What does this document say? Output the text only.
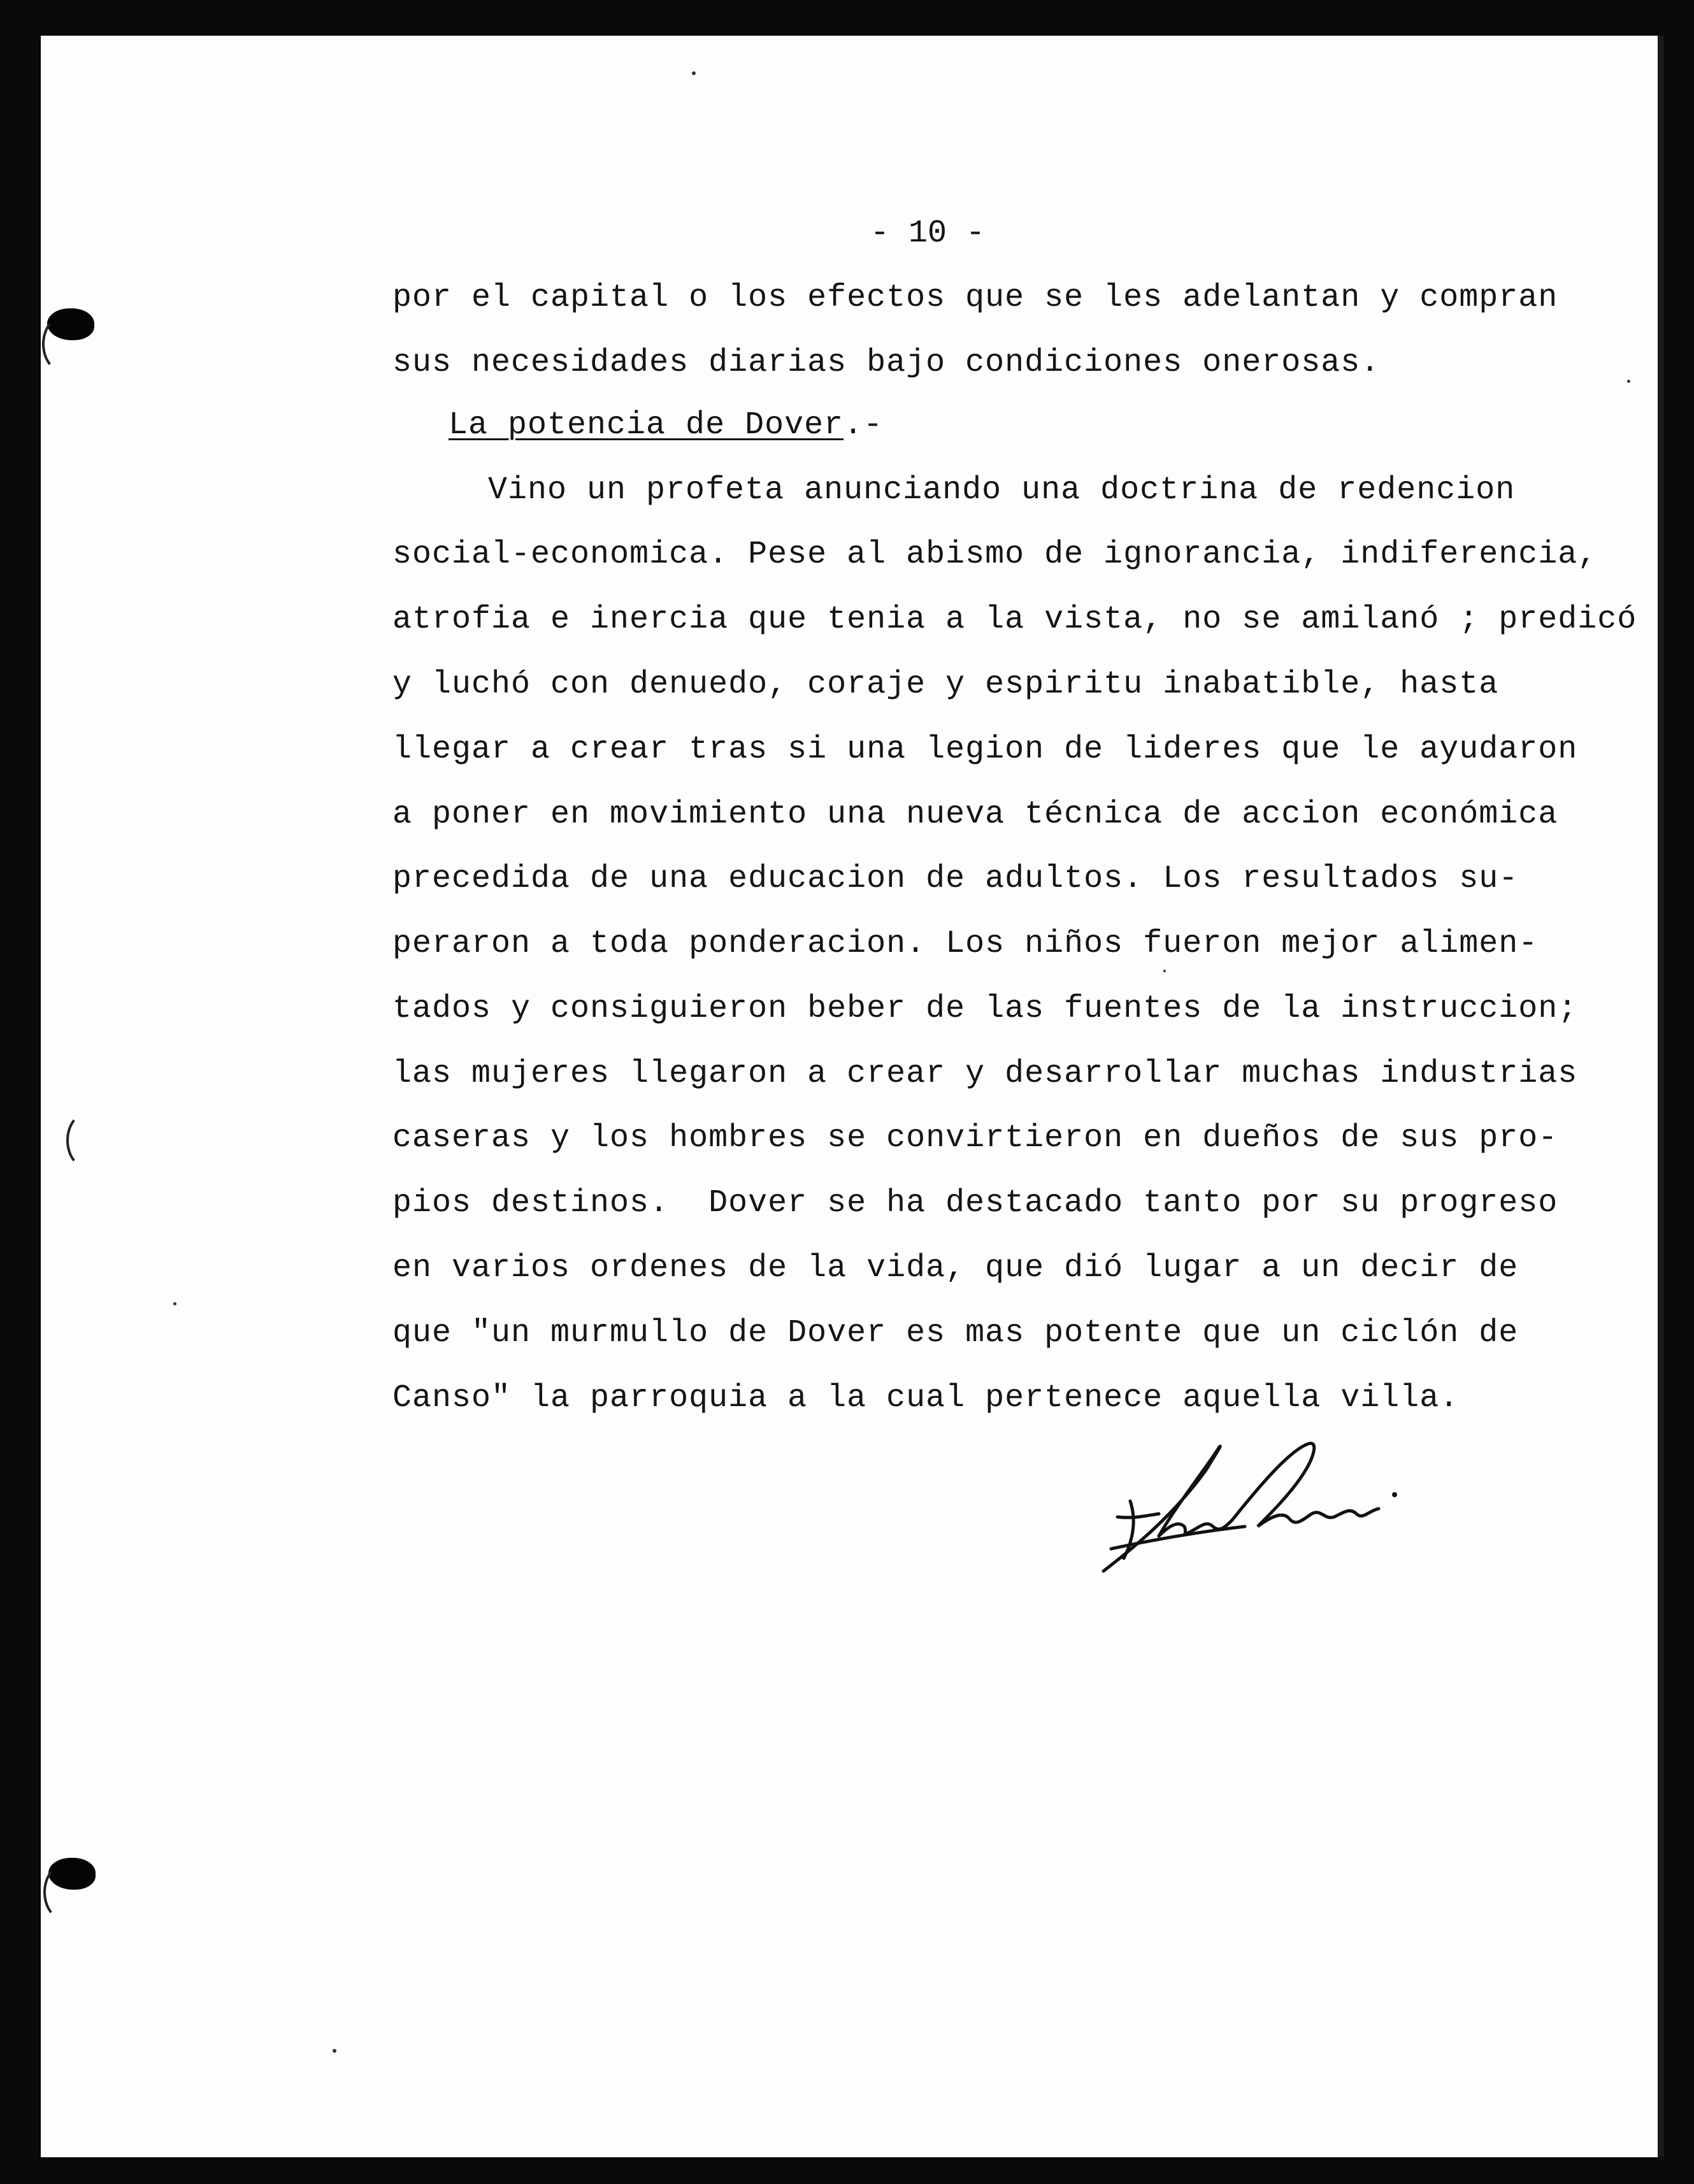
- 10 -
por el capital o los efectos que se les adelantan y compran
sus necesidades diarias bajo condiciones onerosas.
La potencia de Dover.-
Vino un profeta anunciando una doctrina de redencion
social-economica. Pese al abismo de ignorancia, indiferencia,
atrofia e inercia que tenia a la vista, no se amilanó ; predicó
y luchó con denuedo, coraje y espiritu inabatible, hasta
llegar a crear tras si una legion de lideres que le ayudaron
a poner en movimiento una nueva técnica de accion económica
precedida de una educacion de adultos. Los resultados su-
peraron a toda ponderacion. Los niños fueron mejor alimen-
tados y consiguieron beber de las fuentes de la instruccion;
las mujeres llegaron a crear y desarrollar muchas industrias
caseras y los hombres se convirtieron en dueños de sus pro-
pios destinos.  Dover se ha destacado tanto por su progreso
en varios ordenes de la vida, que dió lugar a un decir de
que "un murmullo de Dover es mas potente que un ciclón de
Canso" la parroquia a la cual pertenece aquella villa.
